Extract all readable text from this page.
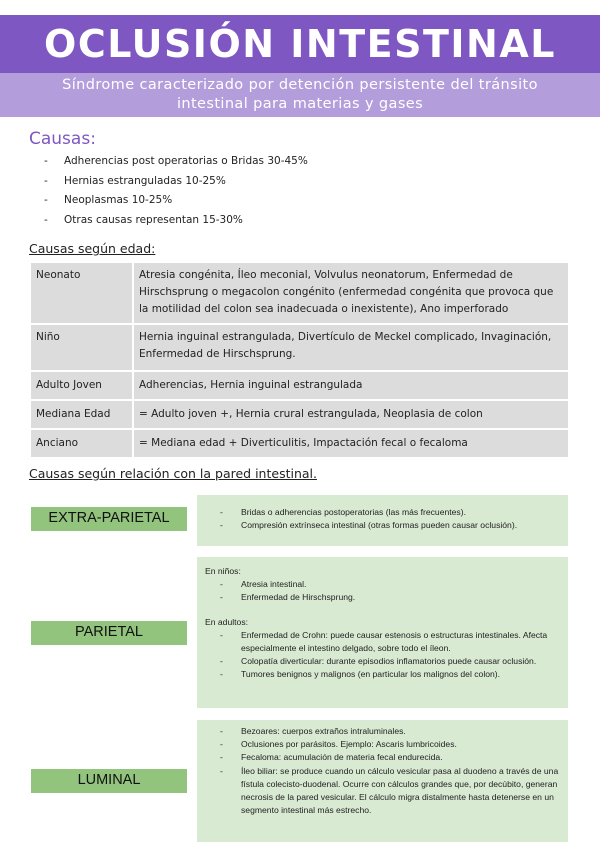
OCLUSIÓN INTESTINAL
Síndrome caracterizado por detención persistente del tránsito
intestinal para materias y gases
Causas:
- Adherencias post operatorias o Bridas 30-45%
- Hernias estranguladas 10-25%
- Neoplasmas 10-25%
- Otras causas representan 15-30%
Causas según edad:
Neonato	Atresia congénita, Íleo meconial, Volvulus neonatorum, Enfermedad de Hirschsprung o megacolon congénito (enfermedad congénita que provoca que la motilidad del colon sea inadecuada o inexistente), Ano imperforado
Niño	Hernia inguinal estrangulada, Divertículo de Meckel complicado, Invaginación, Enfermedad de Hirschsprung.
Adulto Joven	Adherencias, Hernia inguinal estrangulada
Mediana Edad	= Adulto joven +, Hernia crural estrangulada, Neoplasia de colon
Anciano	= Mediana edad + Diverticulitis, Impactación fecal o fecaloma
Causas según relación con la pared intestinal.
EXTRA-PARIETAL	- Bridas o adherencias postoperatorias (las más frecuentes).
- Compresión extrínseca intestinal (otras formas pueden causar oclusión).
PARIETAL
En niños:
- Atresia intestinal.
- Enfermedad de Hirschsprung.
En adultos:
- Enfermedad de Crohn: puede causar estenosis o estructuras intestinales. Afecta especialmente el intestino delgado, sobre todo el íleon.
- Colopatía diverticular: durante episodios inflamatorios puede causar oclusión.
- Tumores benignos y malignos (en particular los malignos del colon).
LUMINAL
- Bezoares: cuerpos extraños intraluminales.
- Oclusiones por parásitos. Ejemplo: Ascaris lumbricoides.
- Fecaloma: acumulación de materia fecal endurecida.
- Íleo biliar: se produce cuando un cálculo vesicular pasa al duodeno a través de una fístula colecisto-duodenal. Ocurre con cálculos grandes que, por decúbito, generan necrosis de la pared vesicular. El cálculo migra distalmente hasta detenerse en un segmento intestinal más estrecho.
